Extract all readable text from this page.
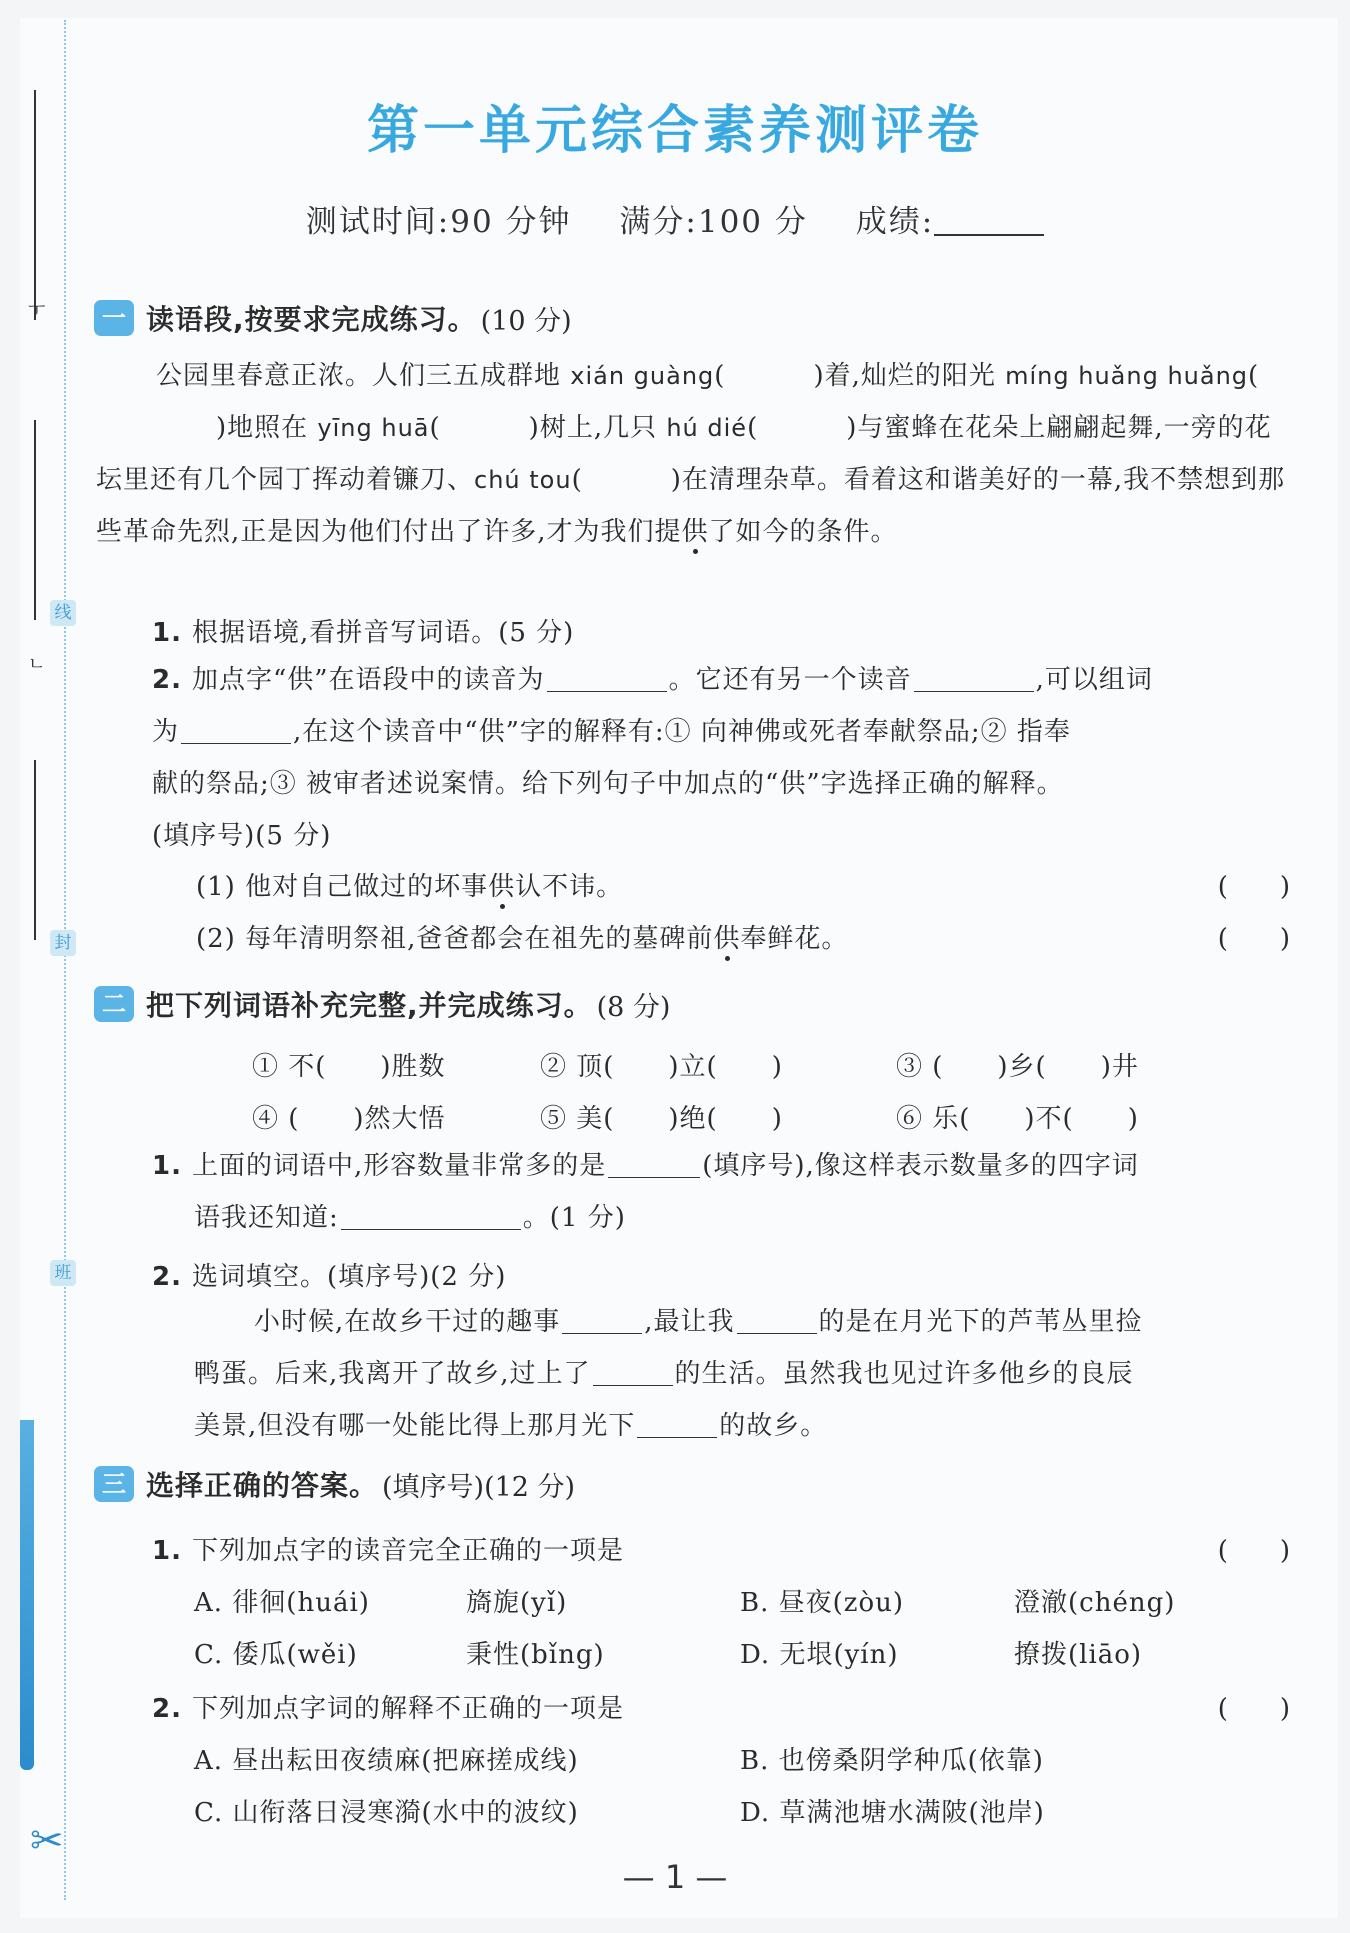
ㅜ
ㄴ
线
封
班
✂
第一单元综合素养测评卷
测试时间:90 分钟 满分:100 分 成绩:
一 读语段,按要求完成练习。 (10 分)
公园里春意正浓。人们三五成群地 xián guàng(	)着,灿烂的阳光 míng huǎng huǎng()地照在 yīng huā(	)树上,几只 hú dié(	)与蜜蜂在花朵上翩翩起舞,一旁的花坛里还有几个园丁挥动着镰刀、chú tou(	)在清理杂草。看着这和谐美好的一幕,我不禁想到那些革命先烈,正是因为他们付出了许多,才为我们提供了如今的条件。
1. 根据语境,看拼音写词语。(5 分)
2. 加点字“供”在语段中的读音为	。它还有另一个读音	,可以组词
为	,在这个读音中“供”字的解释有:① 向神佛或死者奉献祭品;② 指奉
献的祭品;③ 被审者述说案情。给下列句子中加点的“供”字选择正确的解释。
(填序号)(5 分)
(1) 他对自己做过的坏事供认不讳。	(　　)
(2) 每年清明祭祖,爸爸都会在祖先的墓碑前供奉鲜花。	(　　)
二 把下列词语补充完整,并完成练习。 (8 分)
① 不(　　)胜数	② 顶(　　)立(　　)	③ (　　)乡(　　)井
④ (　　)然大悟	⑤ 美(　　)绝(　　)	⑥ 乐(　　)不(　　)
1. 上面的词语中,形容数量非常多的是	(填序号),像这样表示数量多的四字词
语我还知道:	。(1 分)
2. 选词填空。(填序号)(2 分)
小时候,在故乡干过的趣事	,最让我	的是在月光下的芦苇丛里捡
鸭蛋。后来,我离开了故乡,过上了	的生活。虽然我也见过许多他乡的良辰
美景,但没有哪一处能比得上那月光下	的故乡。
三 选择正确的答案。 (填序号)(12 分)
1. 下列加点字的读音完全正确的一项是	(　　)
A. 徘徊(huái)	旖旎(yǐ)	B. 昼夜(zòu)	澄澈(chéng)
C. 倭瓜(wěi)	秉性(bǐng)	D. 无垠(yín)	撩拨(liāo)
2. 下列加点字词的解释不正确的一项是	(　　)
A. 昼出耘田夜绩麻(把麻搓成线)	B. 也傍桑阴学种瓜(依靠)
C. 山衔落日浸寒漪(水中的波纹)	D. 草满池塘水满陂(池岸)
— 1 —
